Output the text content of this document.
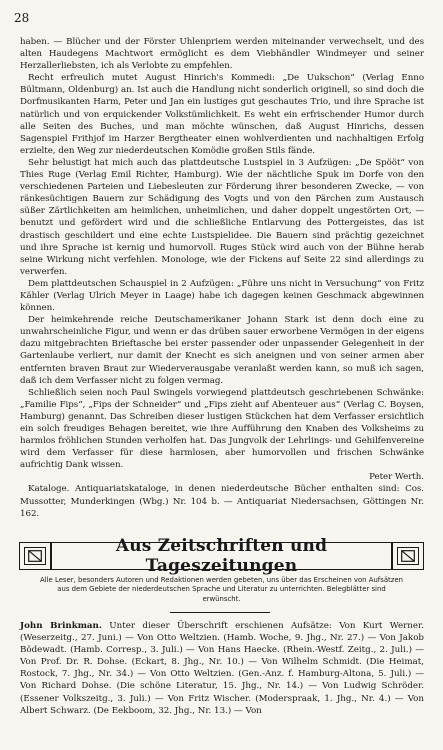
28

haben. — Blücher und der Förster Uhlenpriem werden miteinander verwechselt, und des alten Haudegens Machtwort ermöglicht es dem Viebhändler Windmeyer und seiner Herzallerliebsten, ich als Verlobte zu empfehlen.

Recht erfreulich mutet August Hinrich's Kommedi: „De Uukschon“ (Verlag Enno Bültmann, Oldenburg) an. Ist auch die Handlung nicht sonderlich originell, so sind doch die Dorfmusikanten Harm, Peter und Jan ein lustiges gut geschautes Trio, und ihre Sprache ist natürlich und von erquickender Volkstümlichkeit. Es weht ein erfrischender Humor durch alle Seiten des Buches, und man möchte wünschen, daß August Hinrichs, dessen Sagenspiel Frithjof im Harzer Bergtheater einen wohlverdienten und nachhaltigen Erfolg erzielte, den Weg zur niederdeutschen Komödie großen Stils fände.

Sehr belustigt hat mich auch das plattdeutsche Lustspiel in 3 Aufzügen: „De Spööt“ von Thies Ruge (Verlag Emil Richter, Hamburg). Wie der nächtliche Spuk im Dorfe von den verschiedenen Parteien und Liebesleuten zur Förderung ihrer besonderen Zwecke, — von ränkesüchtigen Bauern zur Schädigung des Vogts und von den Pärchen zum Austausch süßer Zärtlichkeiten am heimlichen, unheimlichen, und daher doppelt ungestörten Ort, — benutzt und gefördert wird und die schließliche Entlarvung des Pottergeistes, das ist drastisch geschildert und eine echte Lustspielidee. Die Bauern sind prächtig gezeichnet und ihre Sprache ist kernig und humorvoll. Ruges Stück wird auch von der Bühne herab seine Wirkung nicht verfehlen. Monologe, wie der Fickens auf Seite 22 sind allerdings zu verwerfen.

Dem plattdeutschen Schauspiel in 2 Aufzügen: „Führe uns nicht in Versuchung“ von Fritz Kähler (Verlag Ulrich Meyer in Laage) habe ich dagegen keinen Geschmack abgewinnen können.

Der heimkehrende reiche Deutschamerikaner Johann Stark ist denn doch eine zu unwahrscheinliche Figur, und wenn er das drüben sauer erworbene Vermögen in der eigens dazu mitgebrachten Brieftasche bei erster passender oder unpassender Gelegenheit in der Gartenlaube verliert, nur damit der Knecht es sich aneignen und von seiner armen aber entfernten braven Braut zur Wiederverausgabe veranlaßt werden kann, so muß ich sagen, daß ich dem Verfasser nicht zu folgen vermag.

Schließlich seien noch Paul Swingels vorwiegend plattdeutsch geschriebenen Schwänke: „Familie Fips“, „Fips der Schneider“ und „Fips zieht auf Abenteuer aus“ (Verlag C. Boysen, Hamburg) genannt. Das Schreiben dieser lustigen Stückchen hat dem Verfasser ersichtlich ein solch freudiges Behagen bereitet, wie ihre Aufführung den Knaben des Volksheims zu harmlos fröhlichen Stunden verholfen hat. Das Jungvolk der Lehrlings- und Gehilfenvereine wird dem Verfasser für diese harmlosen, aber humorvollen und frischen Schwänke aufrichtig Dank wissen.

Peter Werth.

Kataloge. Antiquariatskataloge, in denen niederdeutsche Bücher enthalten sind: Cos. Mussotter, Munderkingen (Wbg.) Nr. 104 b. — Antiquariat Niedersachsen, Göttingen Nr. 162.

Aus Zeitschriften und Tageszeitungen
Alle Leser, besonders Autoren und Redaktionen werden gebeten, uns über das Erscheinen von Aufsätzen aus dem Gebiete der niederdeutschen Sprache und Literatur zu unterrichten. Belegblätter sind erwünscht.

John Brinkman. Unter dieser Überschrift erschienen Aufsätze: Von Kurt Werner. (Weserzeitg., 27. Juni.) — Von Otto Weltzien. (Hamb. Woche, 9. Jhg., Nr. 27.) — Von Jakob Bödewadt. (Hamb. Corresp., 3. Juli.) — Von Hans Haecke. (Rhein.-Westf. Zeitg., 2. Juli.) — Von Prof. Dr. R. Dohse. (Eckart, 8. Jhg., Nr. 10.) — Von Wilhelm Schmidt. (Die Heimat, Rostock, 7. Jhg., Nr. 34.) — Von Otto Weltzien. (Gen.-Anz. f. Hamburg-Altona, 5. Juli.) — Von Richard Dohse. (Die schöne Literatur, 15. Jhg., Nr. 14.) — Von Ludwig Schröder. (Essener Volkszeitg., 3. Juli.) — Von Fritz Wischer. (Moderspraak, 1. Jhg., Nr. 4.) — Von Albert Schwarz. (De Eekboom, 32. Jhg., Nr. 13.) — Von
